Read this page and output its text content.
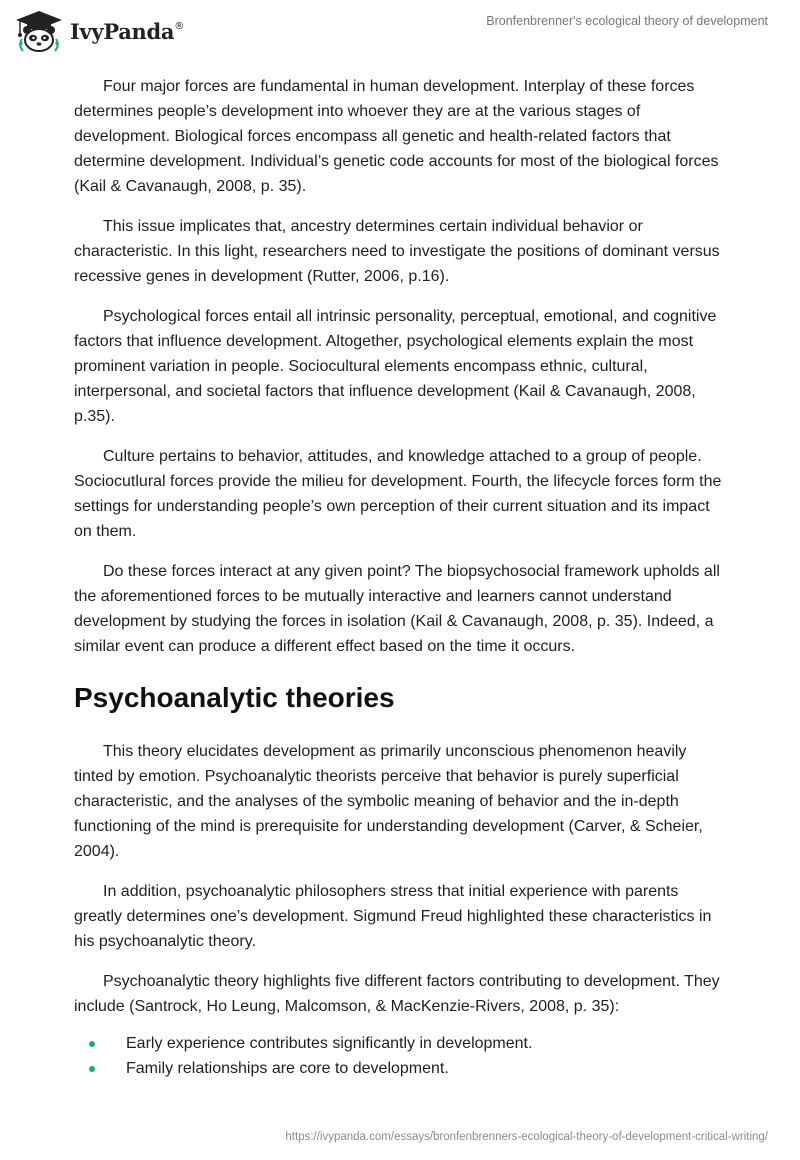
IvyPanda®	Bronfenbrenner's ecological theory of development

Four major forces are fundamental in human development. Interplay of these forces determines people’s development into whoever they are at the various stages of development. Biological forces encompass all genetic and health-related factors that determine development. Individual’s genetic code accounts for most of the biological forces (Kail & Cavanaugh, 2008, p. 35).

This issue implicates that, ancestry determines certain individual behavior or characteristic. In this light, researchers need to investigate the positions of dominant versus recessive genes in development (Rutter, 2006, p.16).

Psychological forces entail all intrinsic personality, perceptual, emotional, and cognitive factors that influence development. Altogether, psychological elements explain the most prominent variation in people. Sociocultural elements encompass ethnic, cultural, interpersonal, and societal factors that influence development (Kail & Cavanaugh, 2008, p.35).

Culture pertains to behavior, attitudes, and knowledge attached to a group of people. Sociocutlural forces provide the milieu for development. Fourth, the lifecycle forces form the settings for understanding people’s own perception of their current situation and its impact on them.

Do these forces interact at any given point? The biopsychosocial framework upholds all the aforementioned forces to be mutually interactive and learners cannot understand development by studying the forces in isolation (Kail & Cavanaugh, 2008, p. 35). Indeed, a similar event can produce a different effect based on the time it occurs.

Psychoanalytic theories

This theory elucidates development as primarily unconscious phenomenon heavily tinted by emotion. Psychoanalytic theorists perceive that behavior is purely superficial characteristic, and the analyses of the symbolic meaning of behavior and the in-depth functioning of the mind is prerequisite for understanding development (Carver, & Scheier, 2004).

In addition, psychoanalytic philosophers stress that initial experience with parents greatly determines one’s development. Sigmund Freud highlighted these characteristics in his psychoanalytic theory.

Psychoanalytic theory highlights five different factors contributing to development. They include (Santrock, Ho Leung, Malcomson, & MacKenzie-Rivers, 2008, p. 35):

Early experience contributes significantly in development.
Family relationships are core to development.
https://ivypanda.com/essays/bronfenbrenners-ecological-theory-of-development-critical-writing/
